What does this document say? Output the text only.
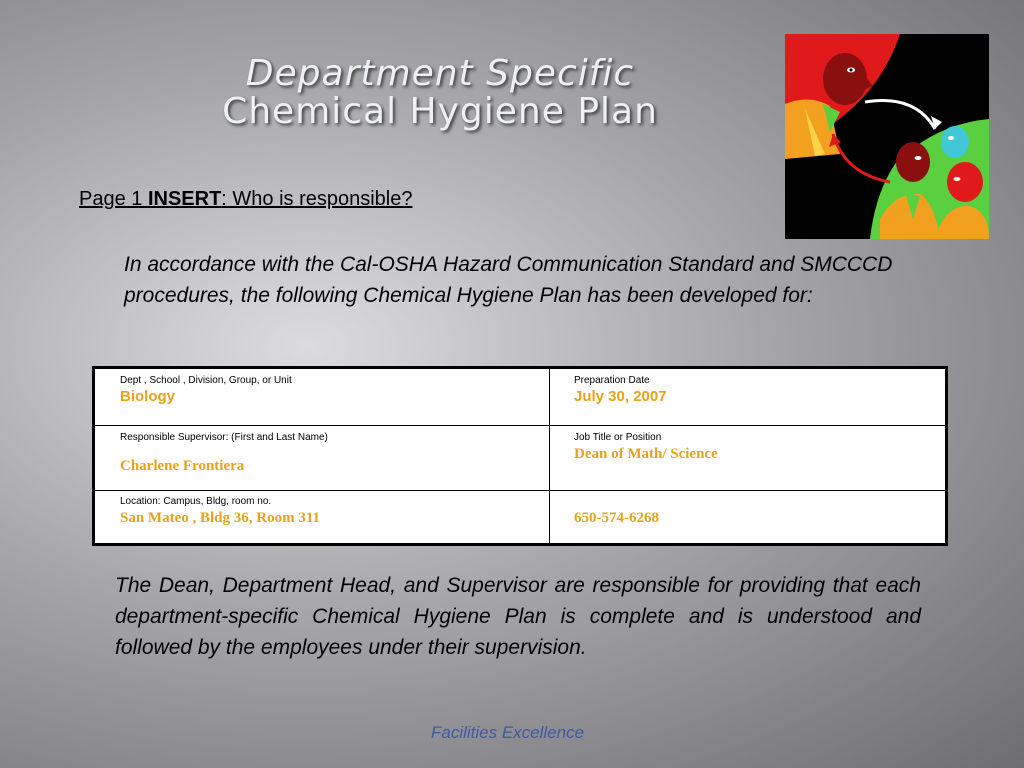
Department Specific
Chemical Hygiene Plan
Page 1 INSERT: Who is responsible?
In accordance with the Cal-OSHA Hazard Communication Standard and SMCCCD procedures, the following Chemical Hygiene Plan has been developed for:
Dept , School , Division, Group, or Unit
Biology
Preparation Date
July 30, 2007
Responsible Supervisor: (First and Last Name)
Charlene Frontiera
Job Title or Position
Dean of Math/ Science
Location: Campus, Bldg, room no.
San Mateo , Bldg 36, Room 311	650-574-6268
The Dean, Department Head, and Supervisor are responsible for providing that each department-specific Chemical Hygiene Plan is complete and is understood and followed by the employees under their supervision.
Facilities Excellence
